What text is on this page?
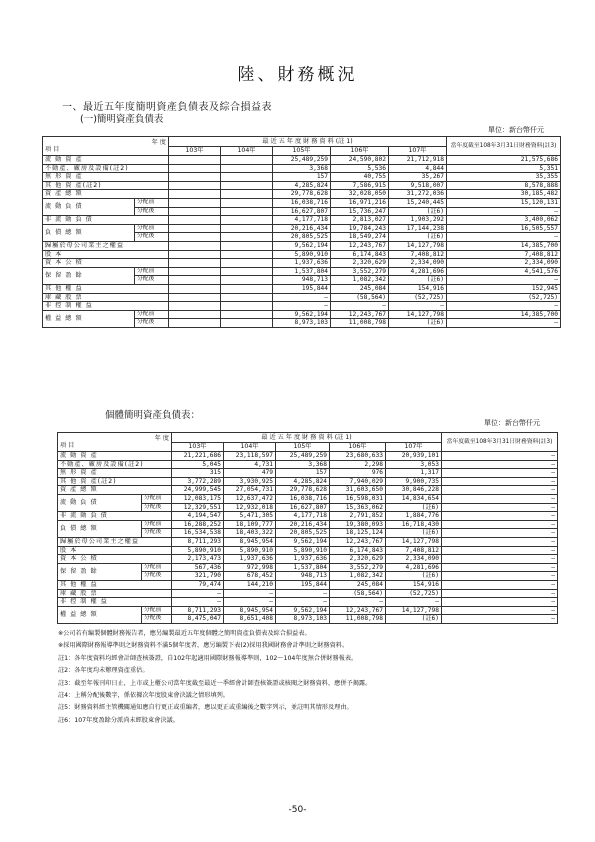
陸、財務概況
一、最近五年度簡明資產負債表及綜合損益表
(一)簡明資產負債表
單位：新台幣仟元
年 度
項 目		最 近 五 年 度 財 務 資 料 (註 1)					當年度截至108年3月31日財務資料(註3)
		103年	104年	105年	106年	107年	
流 動 資 產				25,489,259	24,590,802	21,712,918	21,575,686
不動產、廠房及設備(註2)				3,368	5,536	4,844	5,351
無 形 資 產				157	40,755	35,267	35,355
其 他 資 產(註2)				4,285,824	7,586,915	9,518,007	8,578,888
資 產 總 額				29,778,628	32,028,050	31,272,036	30,185,482
流 動 負 債	分配前			16,038,716	16,971,216	15,240,445	15,120,131
	分配後			16,627,807	15,736,247	(註6)	—
非 流 動 負 債				4,177,718	2,813,027	1,903,292	3,400,062
負 債 總 額	分配前			20,216,434	19,784,243	17,144,238	16,505,557
	分配後			20,805,525	18,549,274	(註6)	—
歸屬於母公司業主之權益				9,562,194	12,243,767	14,127,798	14,385,700
股 本				5,890,910	6,174,843	7,408,812	7,408,812
資 本 公 積				1,937,636	2,320,629	2,334,090	2,334,090
保 留 盈 餘	分配前			1,537,804	3,552,279	4,281,696	4,541,576
	分配後			948,713	1,082,342	(註6)	—
其 他 權 益				195,844	245,084	154,916	152,945
庫 藏 股 票				—	(58,564)	(52,725)	(52,725)
非 控 制 權 益				—	—	—	—
權 益 總 額	分配前			9,562,194	12,243,767	14,127,798	14,385,700
	分配後			8,973,103	11,008,798	(註6)	—
個體簡明資產負債表：
單位：新台幣仟元
年 度
項 目		最 近 五 年 度 財 務 資 料 (註 1)					當年度截至108年3月31日財務資料(註3)
		103年	104年	105年	106年	107年	
流 動 資 產		21,221,686	23,118,597	25,489,259	23,680,633	20,939,101	—
不動產、廠房及設備(註2)		5,045	4,731	3,368	2,298	3,053	—
無 形 資 產		315	479	157	976	1,317	—
其 他 資 產(註2)		3,772,289	3,930,925	4,285,824	7,940,029	9,900,735	—
資 產 總 額		24,999,545	27,054,731	29,778,628	31,603,650	30,846,228	—
流 動 負 債	分配前	12,083,175	12,637,472	16,038,716	16,598,031	14,834,654	—
	分配後	12,329,551	12,932,018	16,627,807	15,363,062	(註6)	—
非 流 動 負 債		4,194,547	5,471,305	4,177,718	2,791,852	1,884,776	—
負 債 總 額	分配前	16,288,252	18,109,777	20,216,434	19,380,093	16,718,430	—
	分配後	16,534,538	18,403,322	20,805,525	18,125,124	(註6)	—
歸屬於母公司業主之權益		8,711,293	8,945,954	9,562,194	12,243,767	14,127,798	—
股 本		5,890,910	5,890,910	5,890,910	6,174,843	7,408,812	—
資 本 公 積		2,173,473	1,937,636	1,937,636	2,320,629	2,334,090	—
保 留 盈 餘	分配前	567,436	972,998	1,537,804	3,552,279	4,281,696	—
	分配後	321,790	678,452	948,713	1,082,342	(註6)	—
其 他 權 益		79,474	144,210	195,844	245,084	154,916	—
庫 藏 股 票		—	—	—	(58,564)	(52,725)	—
非 控 制 權 益		—	—	—	—	—	—
權 益 總 額	分配前	8,711,293	8,945,954	9,562,194	12,243,767	14,127,798	—
	分配後	8,475,047	8,651,408	8,973,103	11,008,798	(註6)	—
※公司若有編製個體財務報告者，應另編製最近五年度個體之簡明資產負債表及綜合損益表。
※採用國際財務報導準則之財務資料不滿5個年度者，應另編製下表(2)採用我國財務會計準則之財務資料。
註1：各年度資料均經會計師查核簽證，自102年起適用國際財務報導準則，102～104年度無合併財務報表。
註2：各年度均未辦理資產重估。
註3：截至年報刊印日止，上市或上櫃公司當年度截至最近一季經會計師查核簽證或核閱之財務資料，應併予揭露。
註4：上稱分配後數字，係依據次年度股東會決議之情形填列。
註5：財務資料經主管機關通知應自行更正或重編者，應以更正或重編後之數字列示，並註明其情形及理由。
註6：107年度盈餘分派尚未經股東會決議。
-50-
